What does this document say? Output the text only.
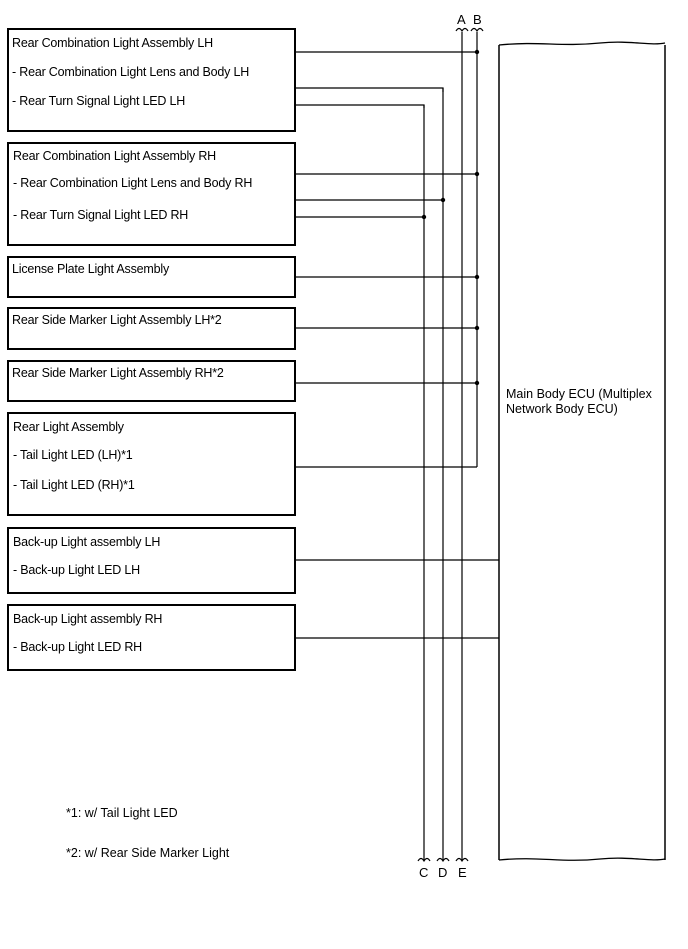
A B
C D E
Rear Combination Light Assembly LH
- Rear Combination Light Lens and Body LH
- Rear Turn Signal Light LED LH
Rear Combination Light Assembly RH
- Rear Combination Light Lens and Body RH
- Rear Turn Signal Light LED RH
License Plate Light Assembly
Rear Side Marker Light Assembly LH*2
Rear Side Marker Light Assembly RH*2
Rear Light Assembly
- Tail Light LED (LH)*1
- Tail Light LED (RH)*1
Back-up Light assembly LH
- Back-up Light LED LH
Back-up Light assembly RH
- Back-up Light LED RH
Main Body ECU (Multiplex Network Body ECU)
*1: w/ Tail Light LED
*2: w/ Rear Side Marker Light
